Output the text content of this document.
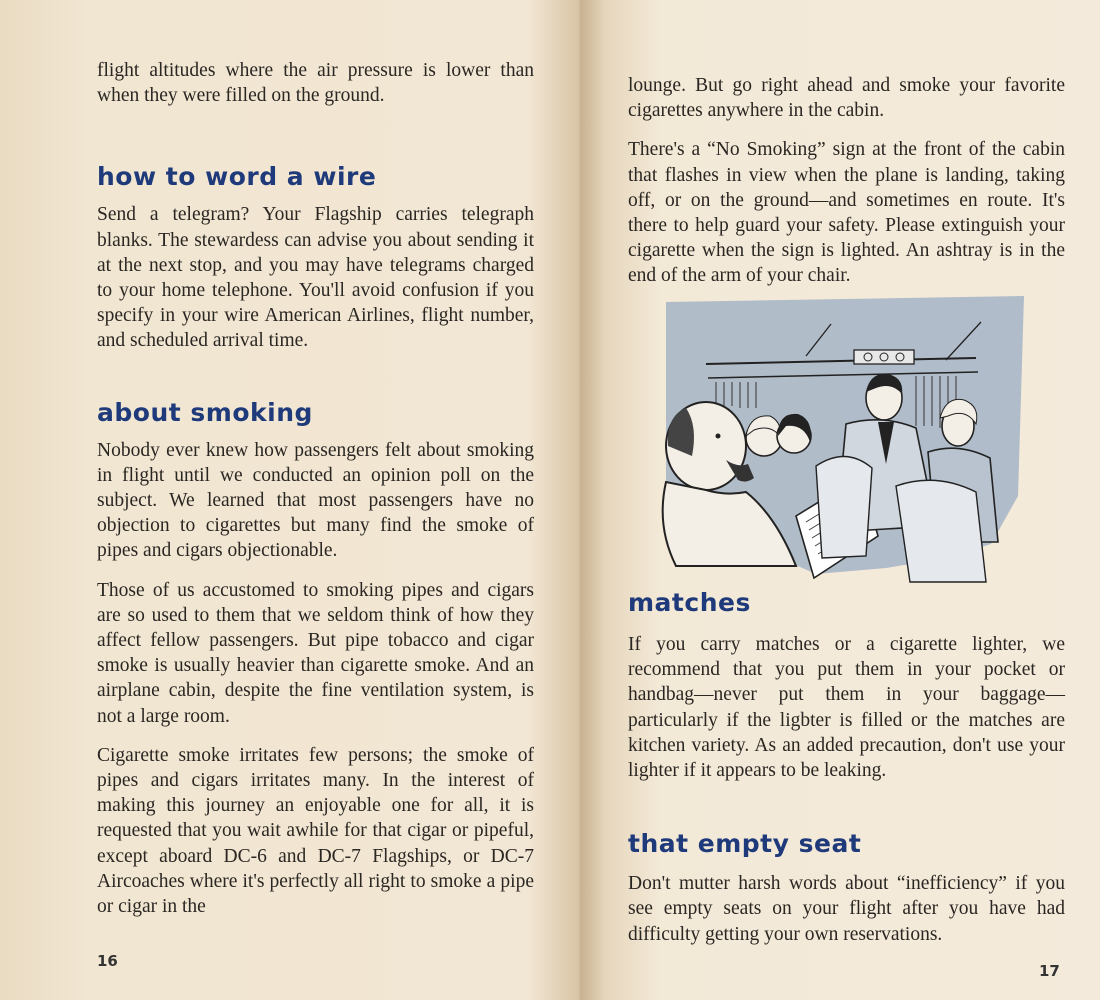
flight altitudes where the air pressure is lower than when they were filled on the ground.

how to word a wire

Send a telegram? Your Flagship carries telegraph blanks. The stewardess can advise you about sending it at the next stop, and you may have telegrams charged to your home telephone. You'll avoid confusion if you specify in your wire American Airlines, flight number, and scheduled arrival time.

about smoking

Nobody ever knew how passengers felt about smoking in flight until we conducted an opinion poll on the subject. We learned that most passengers have no objection to cigarettes but many find the smoke of pipes and cigars objectionable.

Those of us accustomed to smoking pipes and cigars are so used to them that we seldom think of how they affect fellow passengers. But pipe tobacco and cigar smoke is usually heavier than cigarette smoke. And an airplane cabin, despite the fine ventilation system, is not a large room.

Cigarette smoke irritates few persons; the smoke of pipes and cigars irritates many. In the interest of making this journey an enjoyable one for all, it is requested that you wait awhile for that cigar or pipeful, except aboard DC-6 and DC-7 Flagships, or DC-7 Aircoaches where it's perfectly all right to smoke a pipe or cigar in the

16

lounge. But go right ahead and smoke your favorite cigarettes anywhere in the cabin.

There's a “No Smoking” sign at the front of the cabin that flashes in view when the plane is landing, taking off, or on the ground—and sometimes en route. It's there to help guard your safety. Please extinguish your cigarette when the sign is lighted. An ashtray is in the end of the arm of your chair.

matches

If you carry matches or a cigarette lighter, we recommend that you put them in your pocket or handbag—never put them in your baggage—particularly if the ligbter is filled or the matches are kitchen variety. As an added precaution, don't use your lighter if it appears to be leaking.

that empty seat

Don't mutter harsh words about “inefficiency” if you see empty seats on your flight after you have had difficulty getting your own reservations.

17
